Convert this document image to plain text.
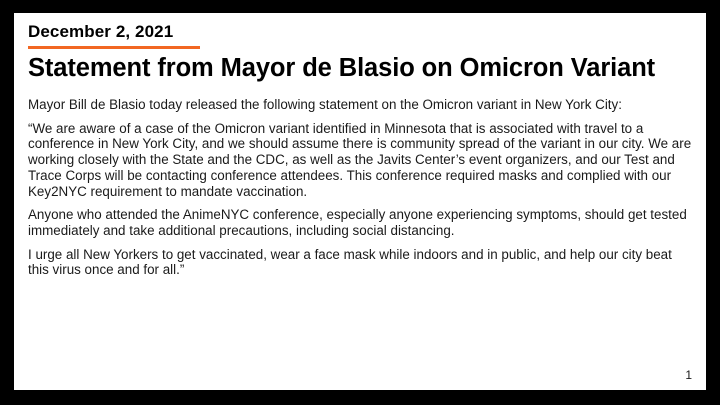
December 2, 2021

Statement from Mayor de Blasio on Omicron Variant

Mayor Bill de Blasio today released the following statement on the Omicron variant in New York City:

“We are aware of a case of the Omicron variant identified in Minnesota that is associated with travel to a conference in New York City, and we should assume there is community spread of the variant in our city. We are working closely with the State and the CDC, as well as the Javits Center’s event organizers, and our Test and Trace Corps will be contacting conference attendees. This conference required masks and complied with our Key2NYC requirement to mandate vaccination.

Anyone who attended the AnimeNYC conference, especially anyone experiencing symptoms, should get tested immediately and take additional precautions, including social distancing.

I urge all New Yorkers to get vaccinated, wear a face mask while indoors and in public, and help our city beat this virus once and for all.”

1
